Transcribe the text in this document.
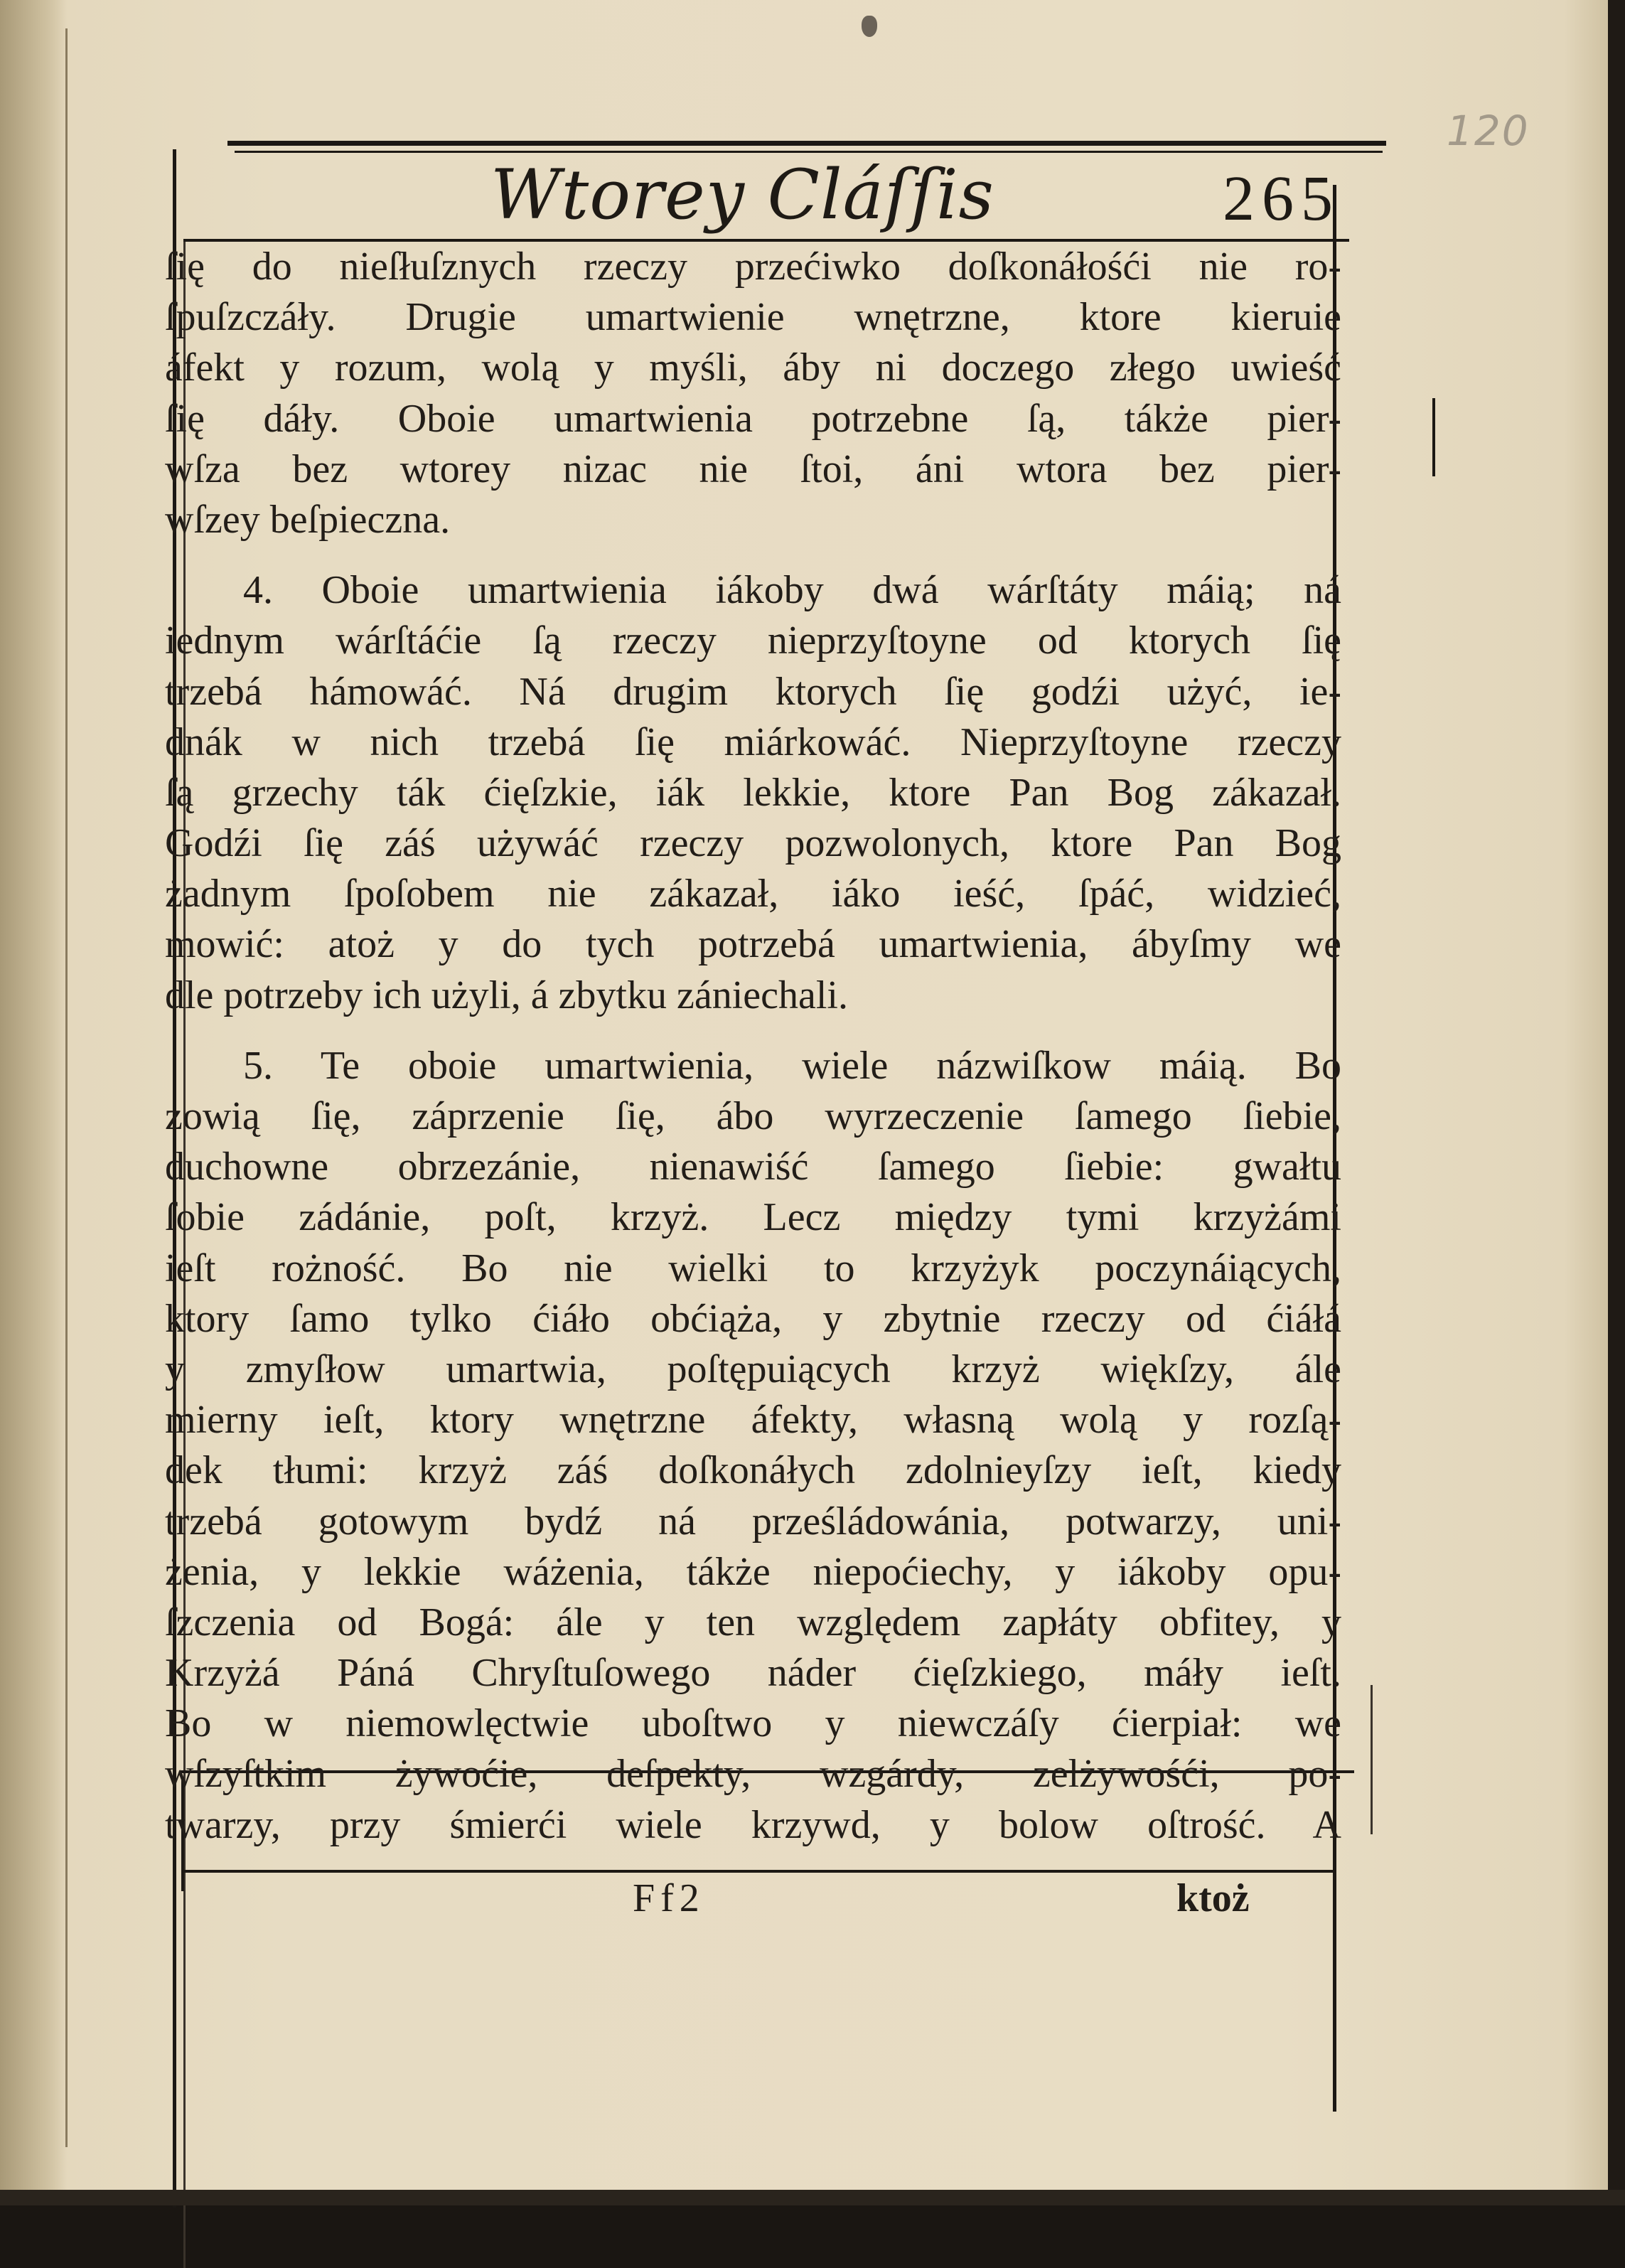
120
Wtorey Cláſſis	265
ſię do nieſłuſznych rzeczy przećiwko doſkonáłośći nie ro-
ſpuſzczáły. Drugie umartwienie wnętrzne, ktore kieruie
áfekt y rozum, wolą y myśli, áby ni doczego złego uwieść
ſię dáły. Oboie umartwienia potrzebne ſą, tákże pier-
wſza bez wtorey nizac nie ſtoi, áni wtora bez pier-
wſzey beſpieczna.
4. Oboie umartwienia iákoby dwá wárſtáty máią; ná
iednym wárſtáćie ſą rzeczy nieprzyſtoyne od ktorych ſię
trzebá hámowáć. Ná drugim ktorych ſię godźi użyć, ie-
dnák w nich trzebá ſię miárkowáć. Nieprzyſtoyne rzeczy
ſą grzechy ták ćięſzkie, iák lekkie, ktore Pan Bog zákazał.
Godźi ſię záś używáć rzeczy pozwolonych, ktore Pan Bog
żadnym ſpoſobem nie zákazał, iáko ieść, ſpáć, widzieć,
mowić: atoż y do tych potrzebá umartwienia, ábyſmy we
dle potrzeby ich użyli, á zbytku zániechali.
5. Te oboie umartwienia, wiele názwiſkow máią. Bo
zowią ſię, záprzenie ſię, ábo wyrzeczenie ſamego ſiebie,
duchowne obrzezánie, nienawiść ſamego ſiebie: gwałtu
ſobie zádánie, poſt, krzyż. Lecz między tymi krzyżámi
ieſt rożność. Bo nie wielki to krzyżyk poczynáiących,
ktory ſamo tylko ćiáło obćiąża, y zbytnie rzeczy od ćiáłá
y zmyſłow umartwia, poſtępuiących krzyż więkſzy, ále
mierny ieſt, ktory wnętrzne áfekty, własną wolą y rozſą-
dek tłumi: krzyż záś doſkonáłych zdolnieyſzy ieſt, kiedy
trzebá gotowym bydź ná prześládowánia, potwarzy, uni-
żenia, y lekkie wáżenia, tákże niepoćiechy, y iákoby opu-
ſzczenia od Bogá: ále y ten względem zapłáty obfitey, y
Krzyżá Páná Chryſtuſowego náder ćięſzkiego, máły ieſt.
Bo w niemowlęctwie uboſtwo y niewczáſy ćierpiał: we
wſzyſtkim żywoćie, deſpekty, wzgárdy, zelżywośći, po-
twarzy, przy śmierći wiele krzywd, y bolow oſtrość. A
Ff2	ktoż
